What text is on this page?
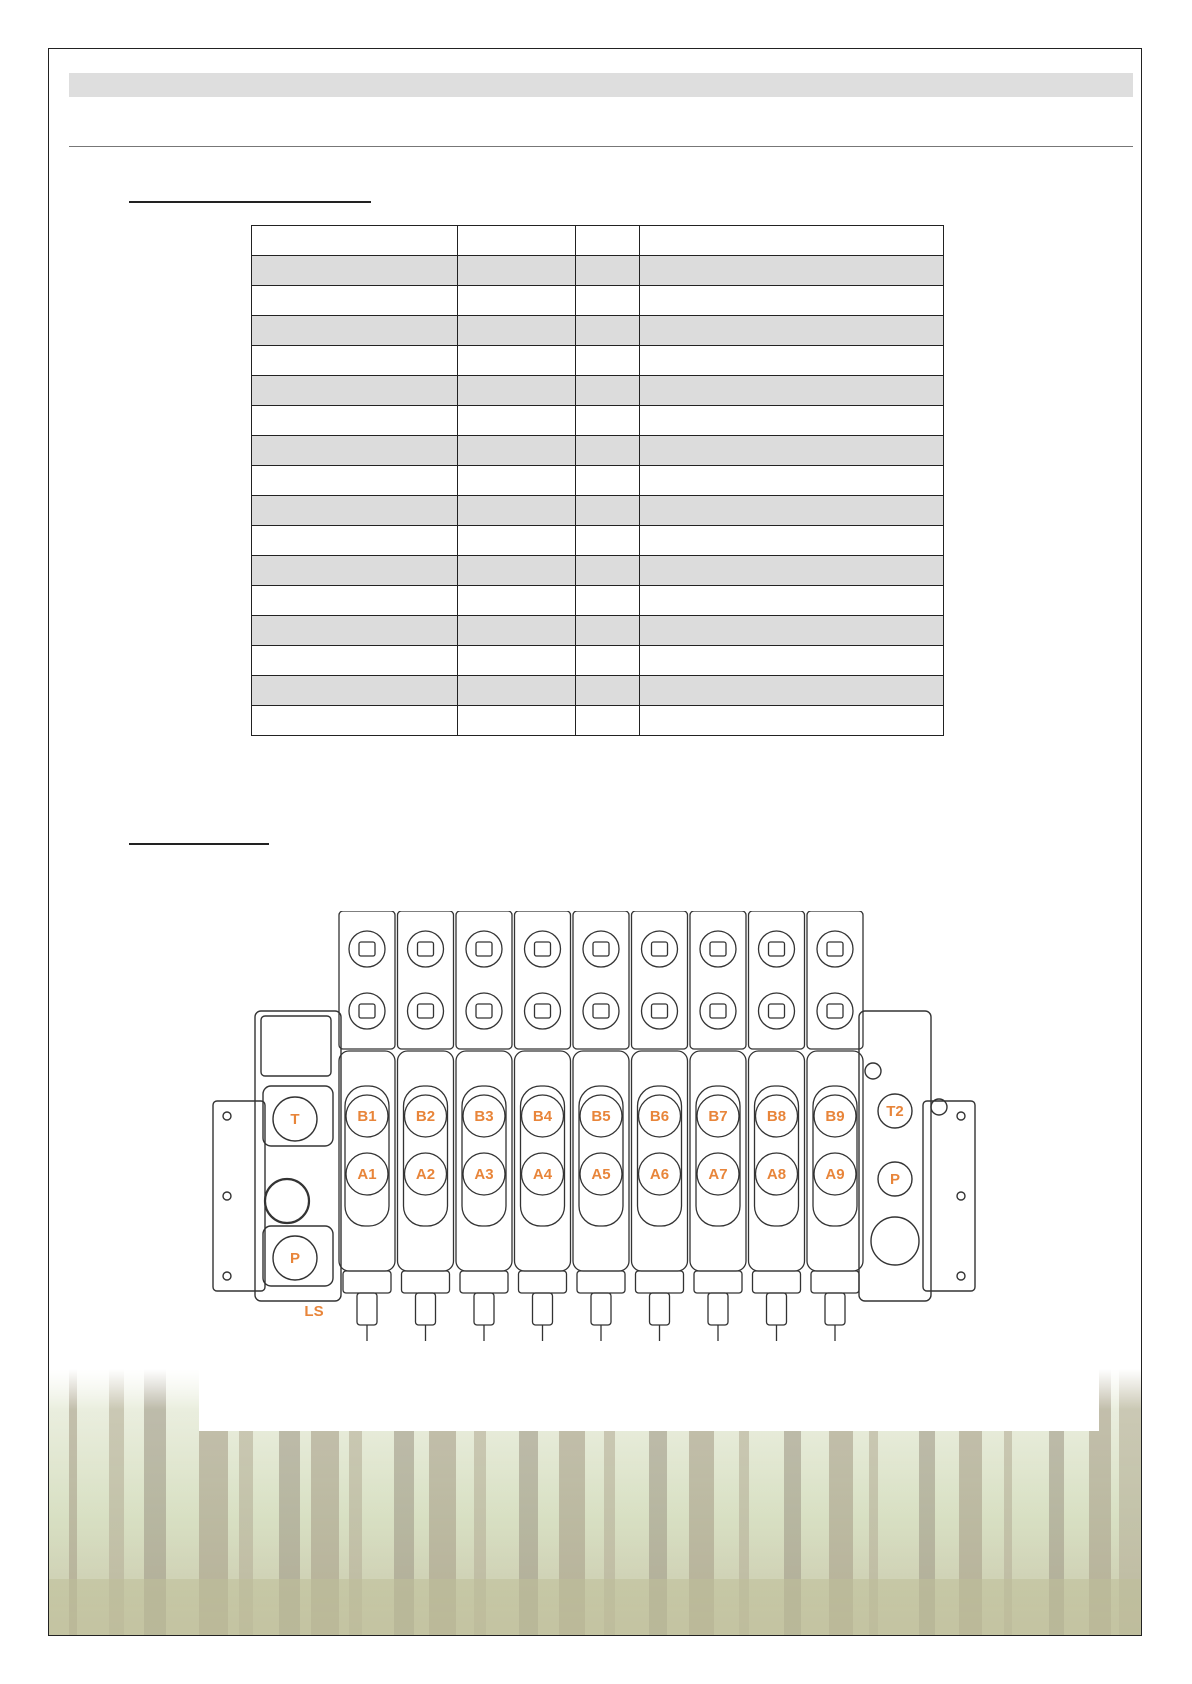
B1
A1
B2
A2
B3
A3
B4
A4
B5
A5
B6
A6
B7
A7
B8
A8
B9
A9
T
P
LS
T2
P
